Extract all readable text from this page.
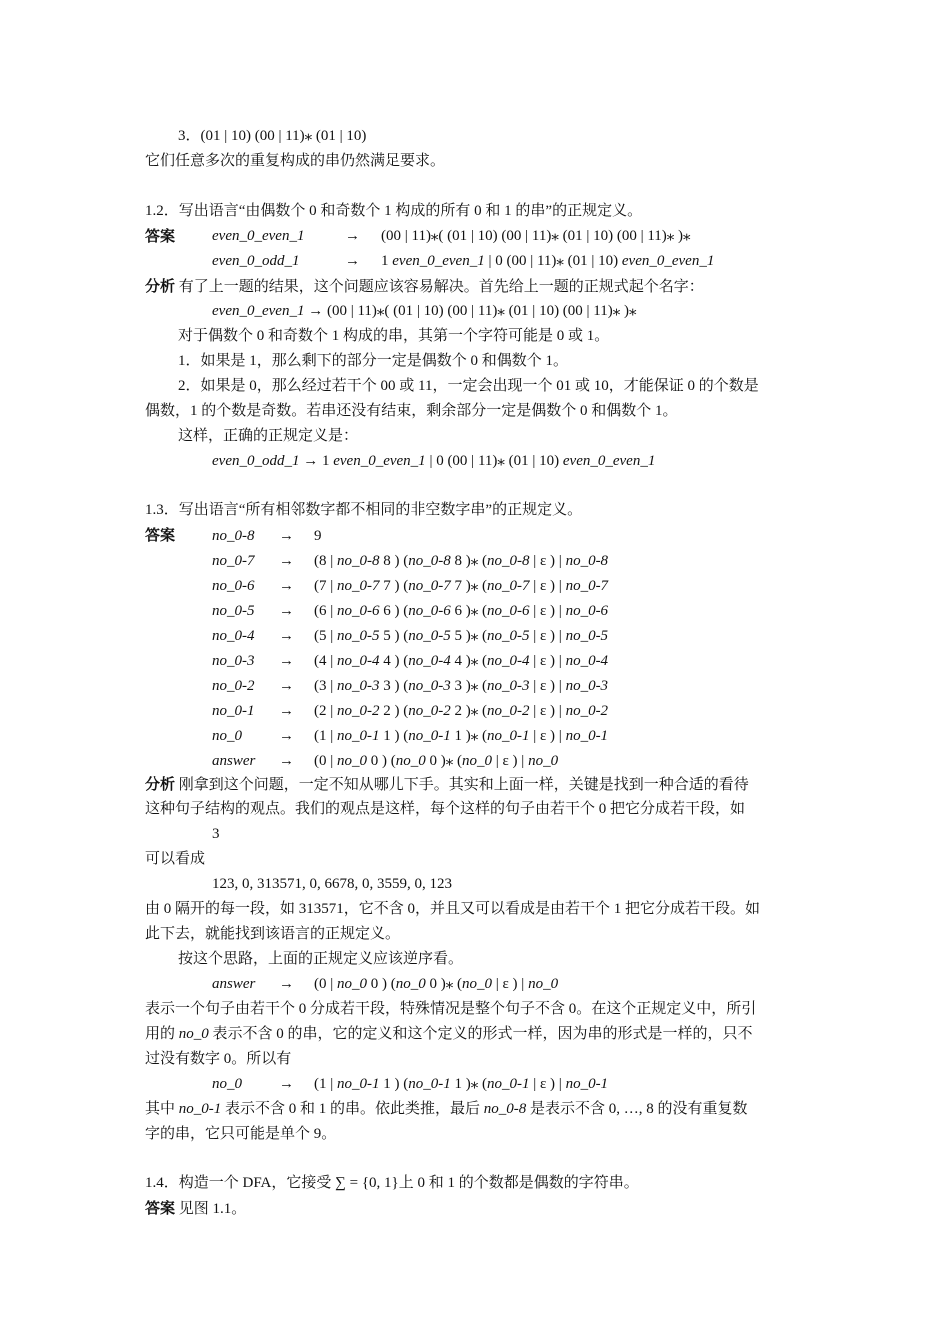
3．(01 | 10) (00 | 11)⁎ (01 | 10)
它们任意多次的重复构成的串仍然满足要求。
1.2．写出语言“由偶数个 0 和奇数个 1 构成的所有 0 和 1 的串”的正规定义。
答案 even_0_even_1	→ (00 | 11)⁎( (01 | 10) (00 | 11)⁎ (01 | 10) (00 | 11)⁎ )⁎
even_0_odd_1	→ 1 even_0_even_1 | 0 (00 | 11)⁎ (01 | 10) even_0_even_1
分析 有了上一题的结果，这个问题应该容易解决。首先给上一题的正规式起个名字：
even_0_even_1 → (00 | 11)⁎( (01 | 10) (00 | 11)⁎ (01 | 10) (00 | 11)⁎ )⁎
对于偶数个 0 和奇数个 1 构成的串，其第一个字符可能是 0 或 1。
1．如果是 1，那么剩下的部分一定是偶数个 0 和偶数个 1。
2．如果是 0，那么经过若干个 00 或 11，一定会出现一个 01 或 10，才能保证 0 的个数是
偶数，1 的个数是奇数。若串还没有结束，剩余部分一定是偶数个 0 和偶数个 1。
这样，正确的正规定义是：
even_0_odd_1 → 1 even_0_even_1 | 0 (00 | 11)⁎ (01 | 10) even_0_even_1
1.3．写出语言“所有相邻数字都不相同的非空数字串”的正规定义。
答案 no_0-8 → 9
no_0-7 → (8 | no_0-8 8 ) (no_0-8 8 )⁎ (no_0-8 | ε ) | no_0-8
no_0-6 → (7 | no_0-7 7 ) (no_0-7 7 )⁎ (no_0-7 | ε ) | no_0-7
no_0-5 → (6 | no_0-6 6 ) (no_0-6 6 )⁎ (no_0-6 | ε ) | no_0-6
no_0-4 → (5 | no_0-5 5 ) (no_0-5 5 )⁎ (no_0-5 | ε ) | no_0-5
no_0-3 → (4 | no_0-4 4 ) (no_0-4 4 )⁎ (no_0-4 | ε ) | no_0-4
no_0-2 → (3 | no_0-3 3 ) (no_0-3 3 )⁎ (no_0-3 | ε ) | no_0-3
no_0-1 → (2 | no_0-2 2 ) (no_0-2 2 )⁎ (no_0-2 | ε ) | no_0-2
no_0 → (1 | no_0-1 1 ) (no_0-1 1 )⁎ (no_0-1 | ε ) | no_0-1
answer → (0 | no_0 0 ) (no_0 0 )⁎ (no_0 | ε ) | no_0
分析 刚拿到这个问题，一定不知从哪儿下手。其实和上面一样，关键是找到一种合适的看待
这种句子结构的观点。我们的观点是这样，每个这样的句子由若干个 0 把它分成若干段，如
3
可以看成
123, 0, 313571, 0, 6678, 0, 3559, 0, 123
由 0 隔开的每一段，如 313571，它不含 0，并且又可以看成是由若干个 1 把它分成若干段。如
此下去，就能找到该语言的正规定义。
按这个思路，上面的正规定义应该逆序看。
answer → (0 | no_0 0 ) (no_0 0 )⁎ (no_0 | ε ) | no_0
表示一个句子由若干个 0 分成若干段，特殊情况是整个句子不含 0。在这个正规定义中，所引
用的 no_0 表示不含 0 的串，它的定义和这个定义的形式一样，因为串的形式是一样的，只不
过没有数字 0。所以有
no_0 → (1 | no_0-1 1 ) (no_0-1 1 )⁎ (no_0-1 | ε ) | no_0-1
其中 no_0-1 表示不含 0 和 1 的串。依此类推，最后 no_0-8 是表示不含 0, …, 8 的没有重复数
字的串，它只可能是单个 9。
1.4．构造一个 DFA，它接受 ∑ = {0, 1}上 0 和 1 的个数都是偶数的字符串。
答案 见图 1.1。
